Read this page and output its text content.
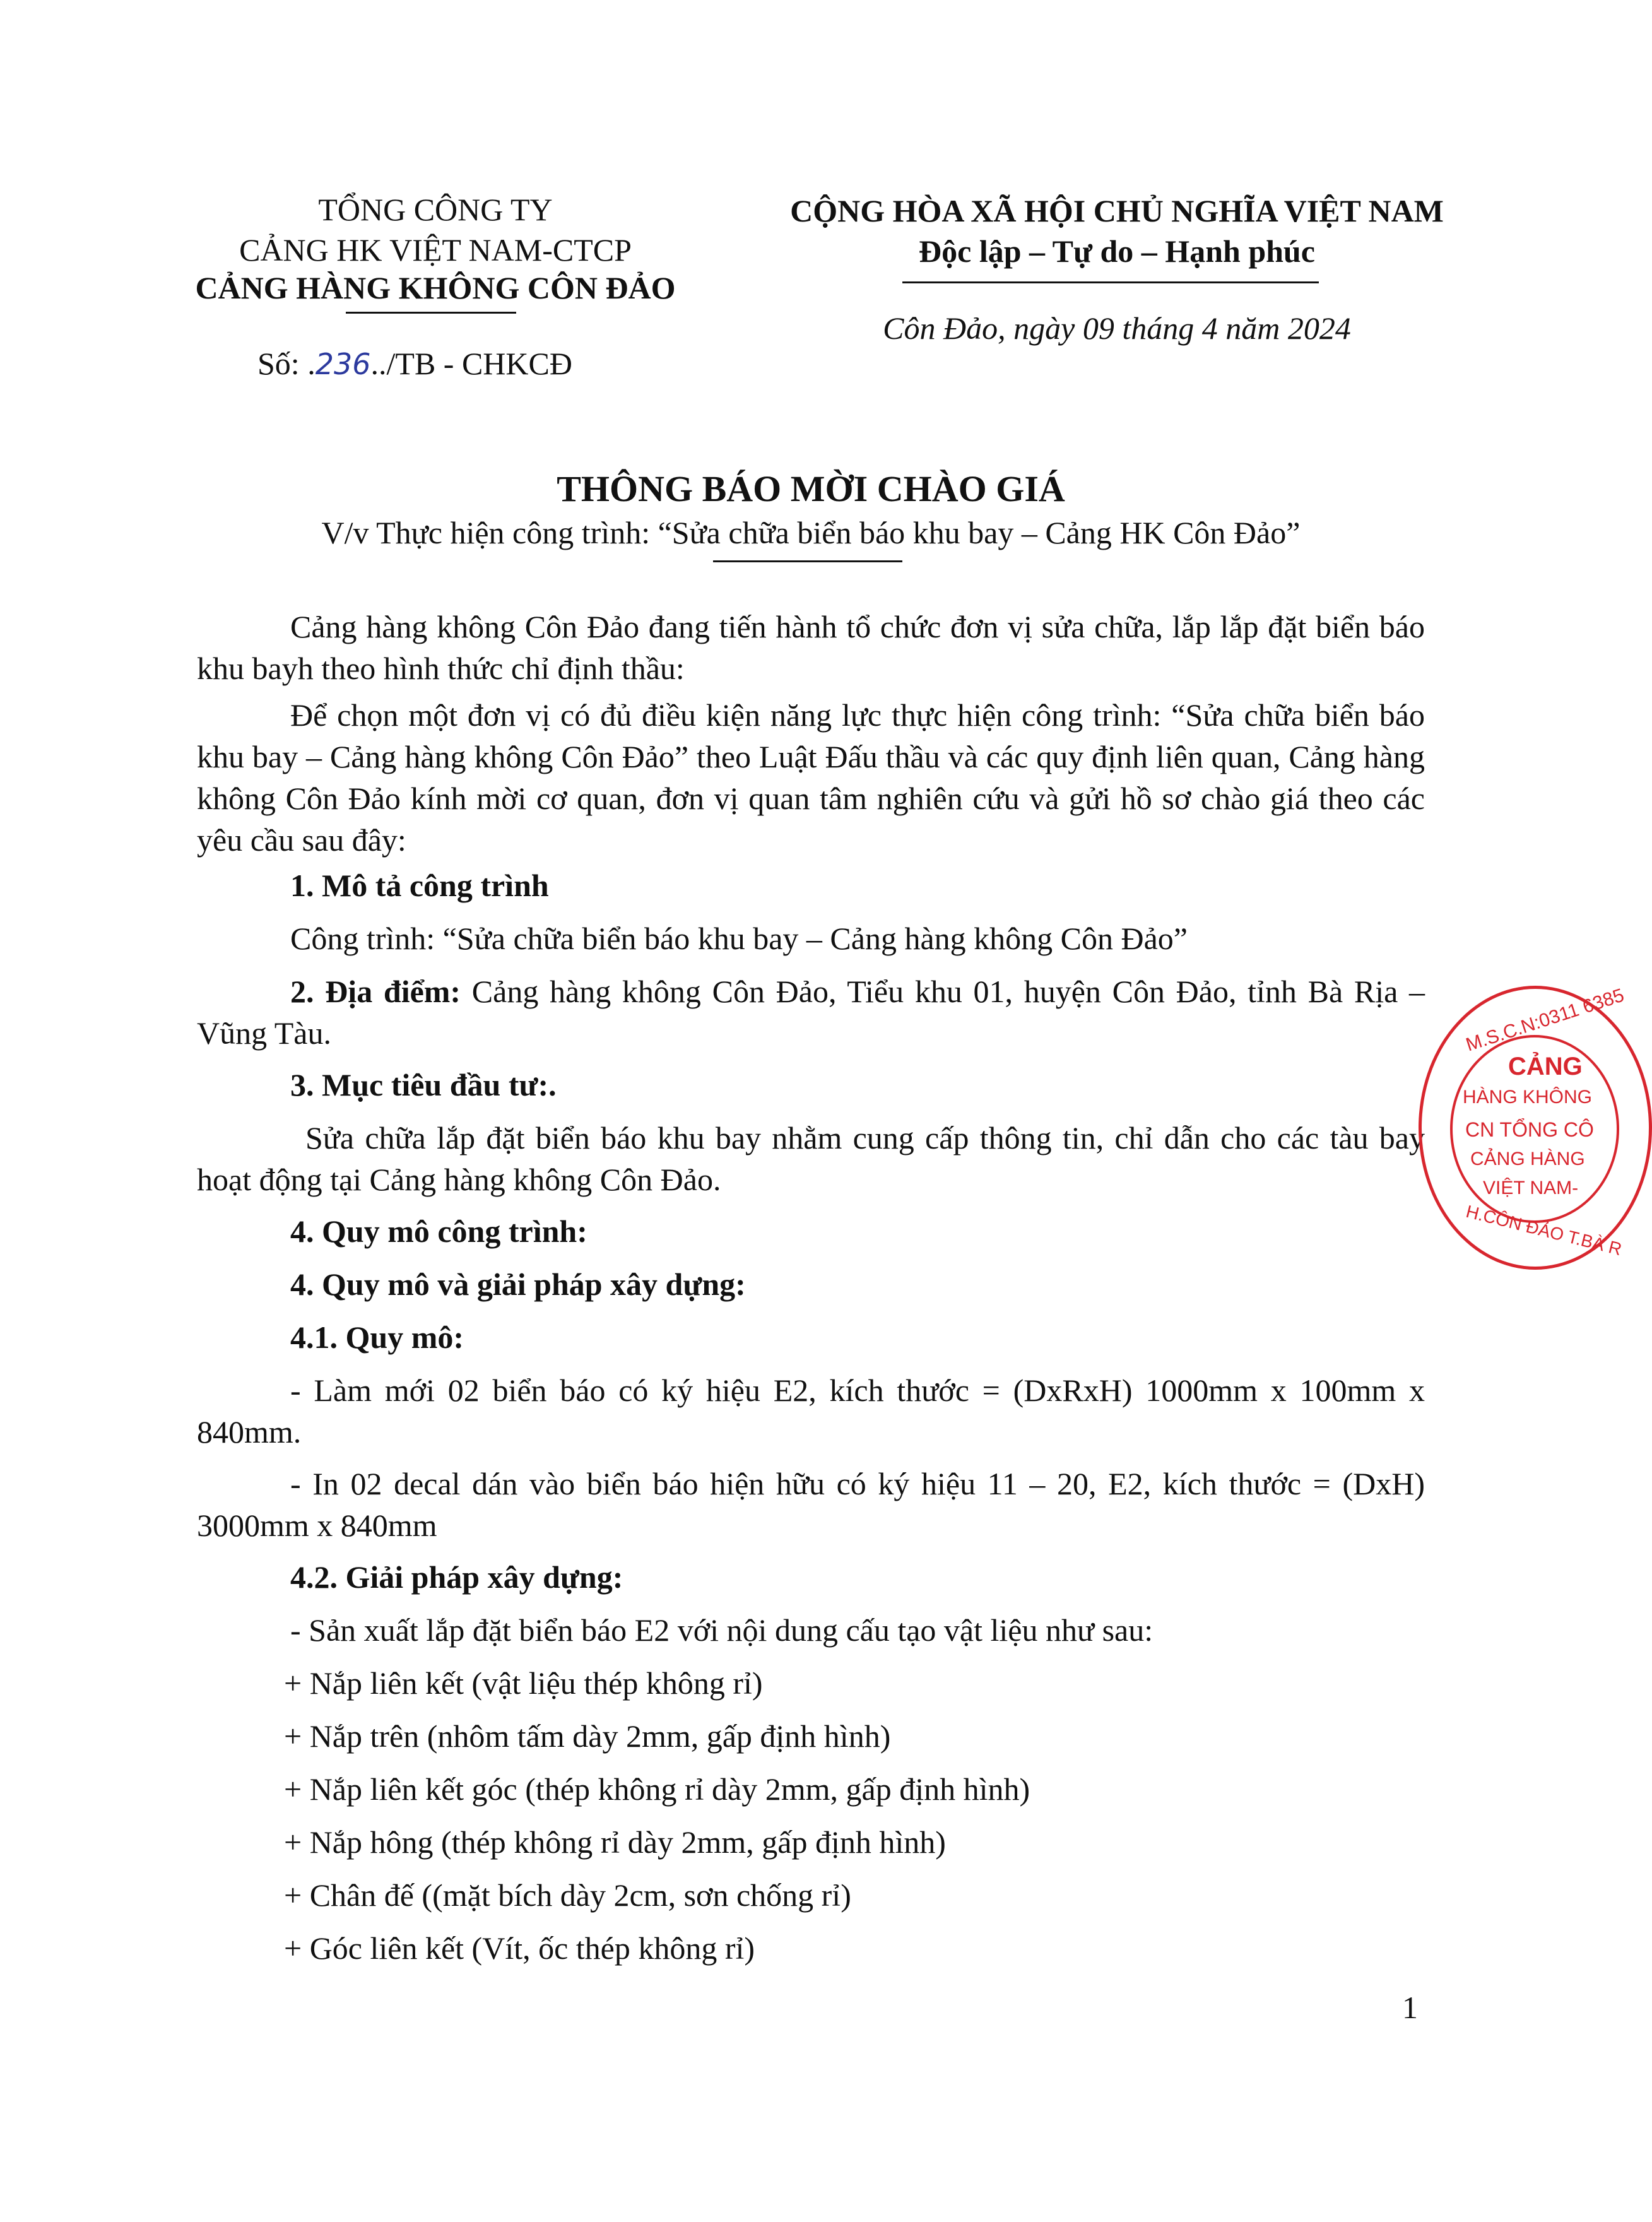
TỔNG CÔNG TY
CẢNG HK VIỆT NAM-CTCP
CẢNG HÀNG KHÔNG CÔN ĐẢO
Số: .236../TB - CHKCĐ
CỘNG HÒA XÃ HỘI CHỦ NGHĨA VIỆT NAM
Độc lập – Tự do – Hạnh phúc
Côn Đảo, ngày 09 tháng 4 năm 2024
THÔNG BÁO MỜI CHÀO GIÁ
V/v Thực hiện công trình: “Sửa chữa biển báo khu bay – Cảng HK Côn Đảo”
Cảng hàng không Côn Đảo đang tiến hành tổ chức đơn vị sửa chữa, lắp lắp đặt biển báo khu bayh theo hình thức chỉ định thầu:
Để chọn một đơn vị có đủ điều kiện năng lực thực hiện công trình: “Sửa chữa biển báo khu bay – Cảng hàng không Côn Đảo” theo Luật Đấu thầu và các quy định liên quan, Cảng hàng không Côn Đảo kính mời cơ quan, đơn vị quan tâm nghiên cứu và gửi hồ sơ chào giá theo các yêu cầu sau đây:
1. Mô tả công trình
Công trình: “Sửa chữa biển báo khu bay – Cảng hàng không Côn Đảo”
2. Địa điểm: Cảng hàng không Côn Đảo, Tiểu khu 01, huyện Côn Đảo, tỉnh Bà Rịa – Vũng Tàu.
3. Mục tiêu đầu tư:.
Sửa chữa lắp đặt biển báo khu bay nhằm cung cấp thông tin, chỉ dẫn cho các tàu bay hoạt động tại Cảng hàng không Côn Đảo.
4. Quy mô công trình:
4. Quy mô và giải pháp xây dựng:
4.1. Quy mô:
- Làm mới 02 biển báo có ký hiệu E2, kích thước = (DxRxH) 1000mm x 100mm x 840mm.
- In 02 decal dán vào biển báo hiện hữu có ký hiệu 11 – 20, E2, kích thước = (DxH) 3000mm x 840mm
4.2. Giải pháp xây dựng:
- Sản xuất lắp đặt biển báo E2 với nội dung cấu tạo vật liệu như sau:
+ Nắp liên kết (vật liệu thép không rỉ)
+ Nắp trên (nhôm tấm dày 2mm, gấp định hình)
+ Nắp liên kết góc (thép không rỉ dày 2mm, gấp định hình)
+ Nắp hông (thép không rỉ dày 2mm, gấp định hình)
+ Chân đế ((mặt bích dày 2cm, sơn chống rỉ)
+ Góc liên kết (Vít, ốc thép không rỉ)
1
M.S.C.N:0311 6385
CẢNG
HÀNG KHÔNG
CN TỔNG CÔ
CẢNG HÀNG
VIỆT NAM-
H.CÔN ĐẢO T.BÀ R
